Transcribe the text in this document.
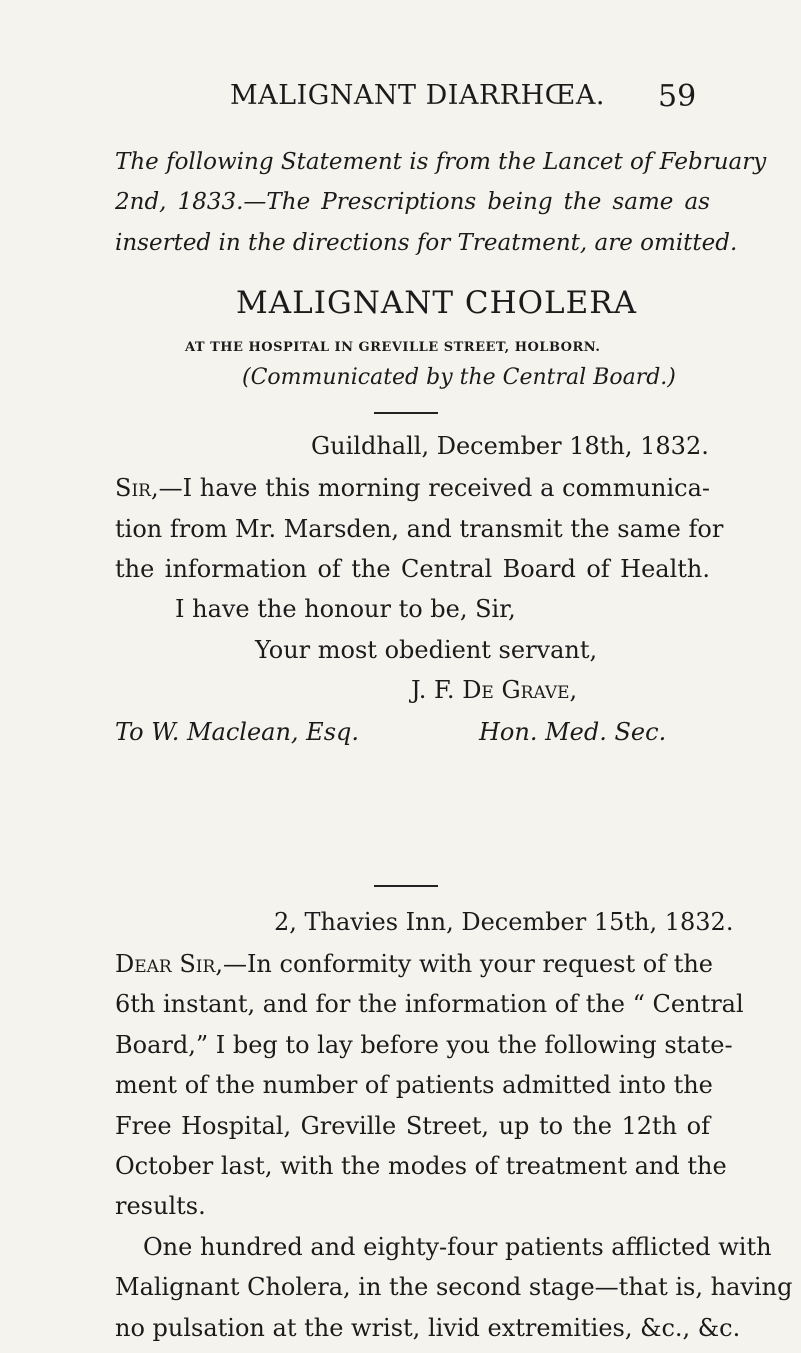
MALIGNANT DIARRHŒA. 59
The following Statement is from the Lancet of February
2nd, 1833.—The Prescriptions being the same as
inserted in the directions for Treatment, are omitted.
MALIGNANT CHOLERA
AT THE HOSPITAL IN GREVILLE STREET, HOLBORN.
(Communicated by the Central Board.)
Guildhall, December 18th, 1832.
Sir,—I have this morning received a communica-
tion from Mr. Marsden, and transmit the same for
the information of the Central Board of Health.
I have the honour to be, Sir,
Your most obedient servant,
J. F. De Grave,
To W. Maclean, Esq.	Hon. Med. Sec.
2, Thavies Inn, December 15th, 1832.
Dear Sir,—In conformity with your request of the
6th instant, and for the information of the “ Central
Board,” I beg to lay before you the following state-
ment of the number of patients admitted into the
Free Hospital, Greville Street, up to the 12th of
October last, with the modes of treatment and the
results.
One hundred and eighty-four patients afflicted with
Malignant Cholera, in the second stage—that is, having
no pulsation at the wrist, livid extremities, &c., &c.
